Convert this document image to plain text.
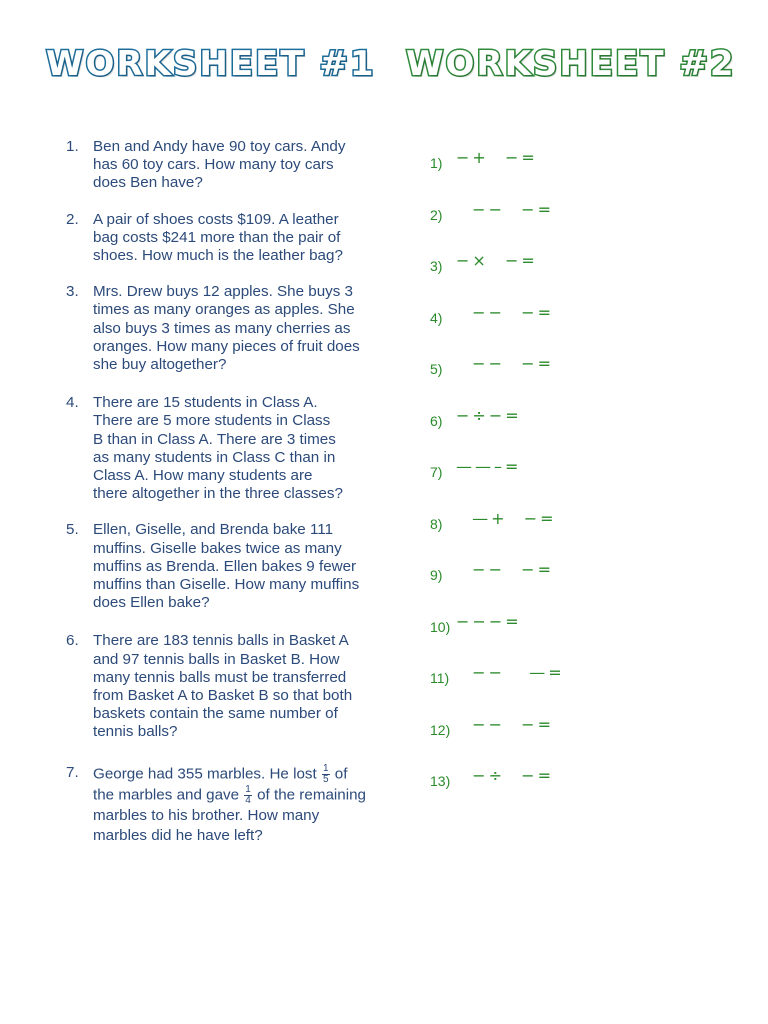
WORKSHEET #1 WORKSHEET #2
1. Ben and Andy have 90 toy cars. Andy has 60 toy cars. How many toy cars does Ben have?
2. A pair of shoes costs $109. A leather bag costs $241 more than the pair of shoes. How much is the leather bag?
3. Mrs. Drew buys 12 apples. She buys 3 times as many oranges as apples. She also buys 3 times as many cherries as oranges. How many pieces of fruit does she buy altogether?
4. There are 15 students in Class A. There are 5 more students in Class B than in Class A. There are 3 times as many students in Class C than in Class A. How many students are
there altogether in the three classes?
5. Ellen, Giselle, and Brenda bake 111 muffins. Giselle bakes twice as many muffins as Brenda. Ellen bakes 9 fewer muffins than Giselle. How many muffins does Ellen bake?
6. There are 183 tennis balls in Basket A and 97 tennis balls in Basket B. How many tennis balls must be transferred from Basket A to Basket B so that both baskets contain the same number of tennis balls?
7. George had 355 marbles. He lost $\frac{1}{5}$ of the marbles and gave $\frac{1}{4}$ of the remaining marbles to his brother. How many marbles did he have left?
1) −+  −=
2) −−  −=
3) −×  −=
4) −−  −=
5) −−  −=
6) −÷−=
7) ——–=
8) —+  −=
9) −−  −=
10) −−−=
11) −−   —=
12) −−  −=
13) −÷  −=
